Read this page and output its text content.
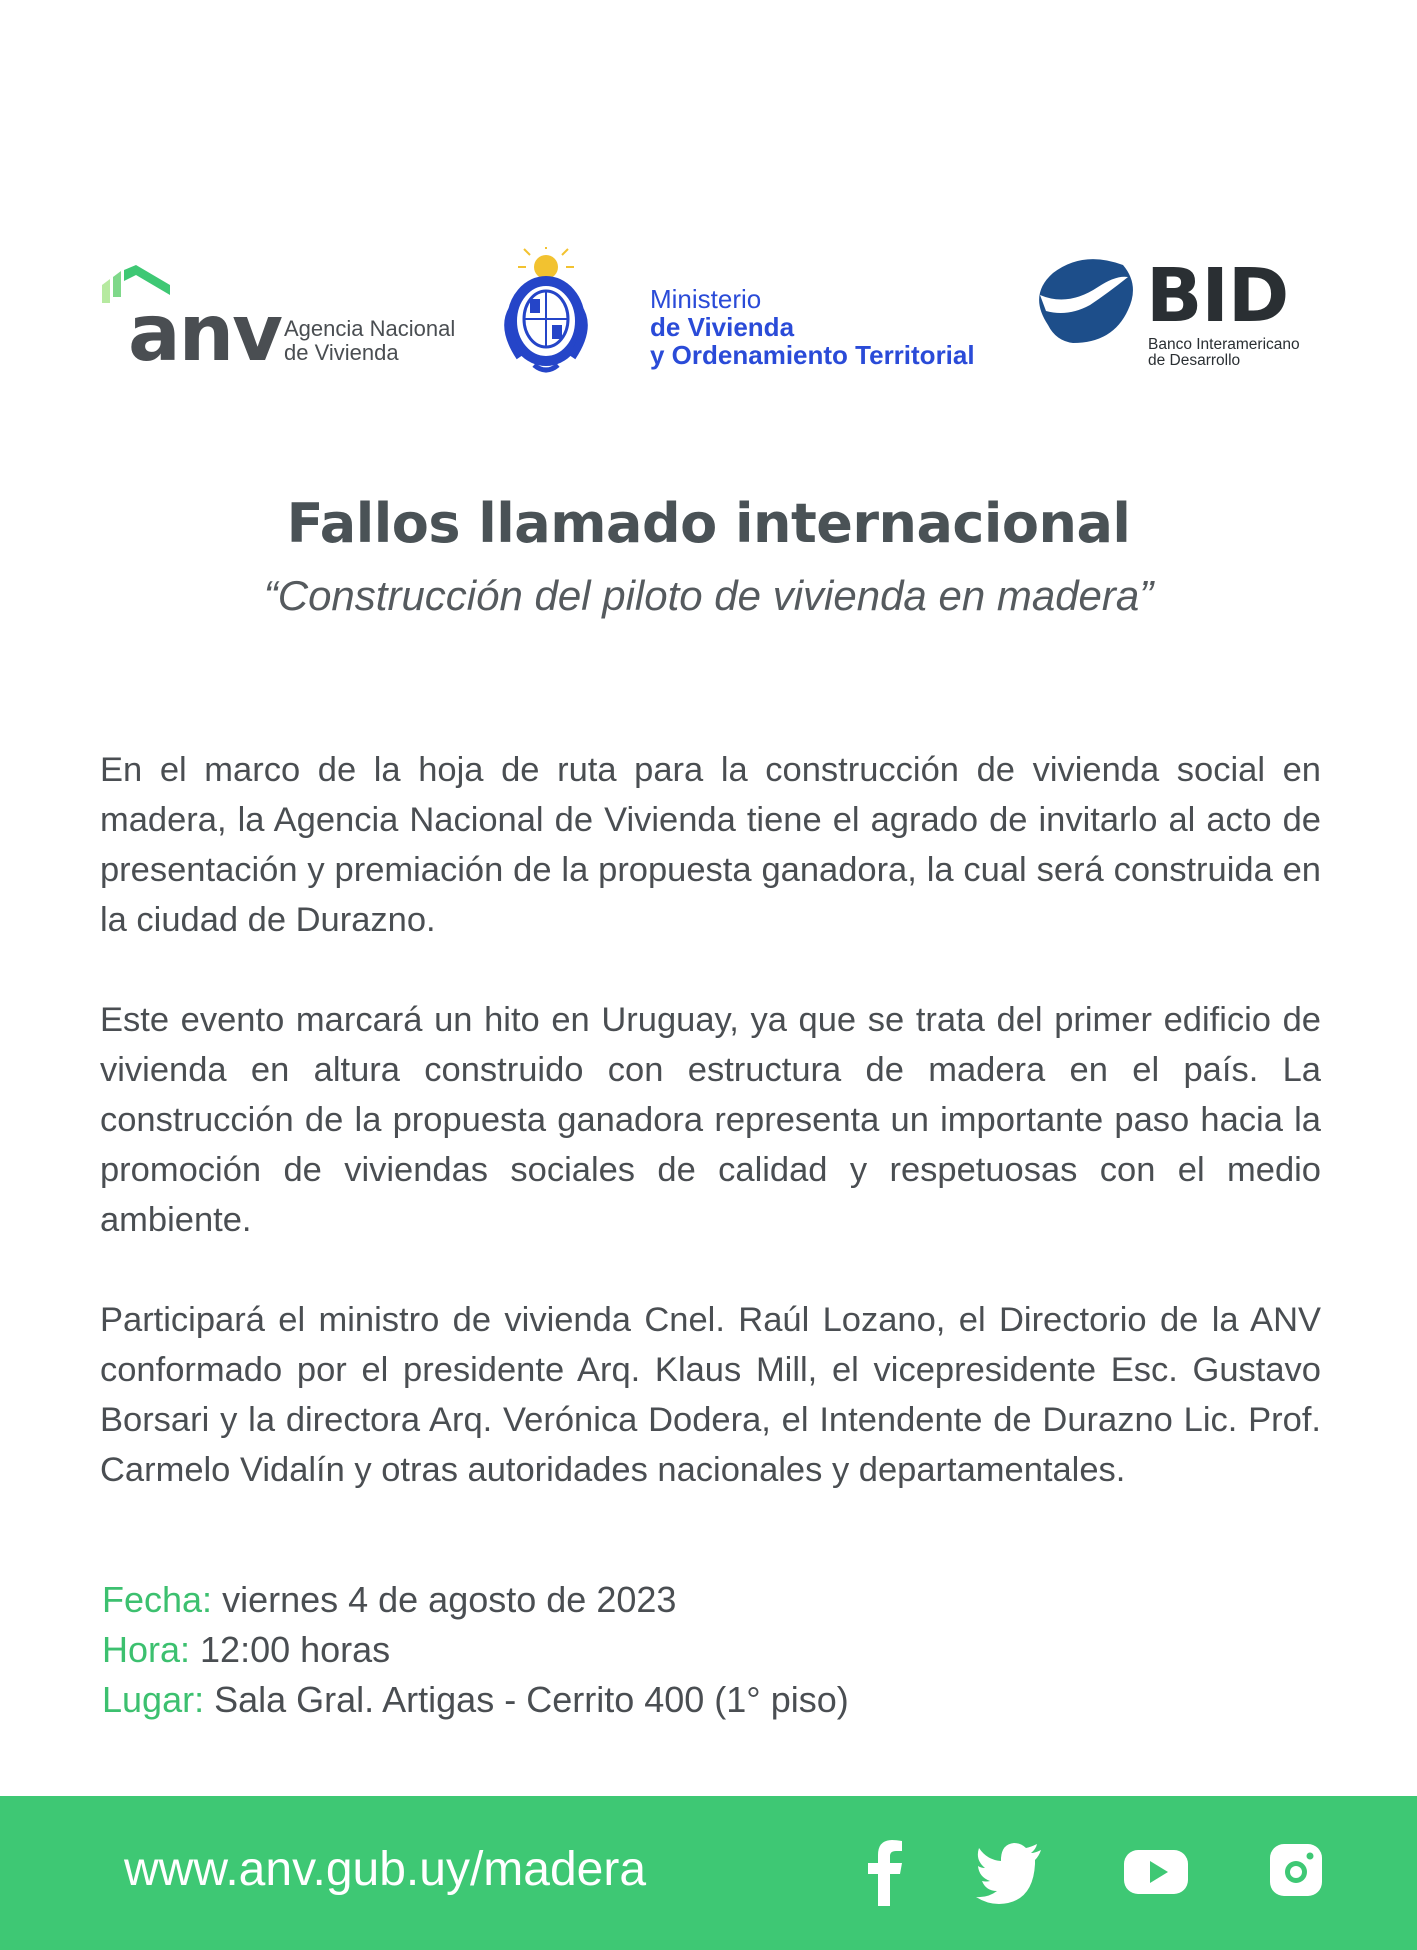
anv Agencia Nacional
de Vivienda
Ministerio
de Vivienda
y Ordenamiento Territorial
BID
Banco Interamericano
de Desarrollo
Fallos llamado internacional
“Construcción del piloto de vivienda en madera”
En el marco de la hoja de ruta para la construcción de vivienda social en madera, la Agencia Nacional de Vivienda tiene el agrado de invitarlo al acto de presentación y premiación de la propuesta ganadora, la cual será construida en la ciudad de Durazno.
Este evento marcará un hito en Uruguay, ya que se trata del primer edificio de vivienda en altura construido con estructura de madera en el país. La construcción de la propuesta ganadora representa un importante paso hacia la promoción de viviendas sociales de calidad y respetuosas con el medio ambiente.
Participará el ministro de vivienda Cnel. Raúl Lozano, el Directorio de la ANV conformado por el presidente Arq. Klaus Mill, el vicepresidente Esc. Gustavo Borsari y la directora Arq. Verónica Dodera, el Intendente de Durazno Lic. Prof. Carmelo Vidalín y otras autoridades nacionales y departamentales.
Fecha: viernes 4 de agosto de 2023
Hora: 12:00 horas
Lugar: Sala Gral. Artigas - Cerrito 400 (1° piso)
www.anv.gub.uy/madera
